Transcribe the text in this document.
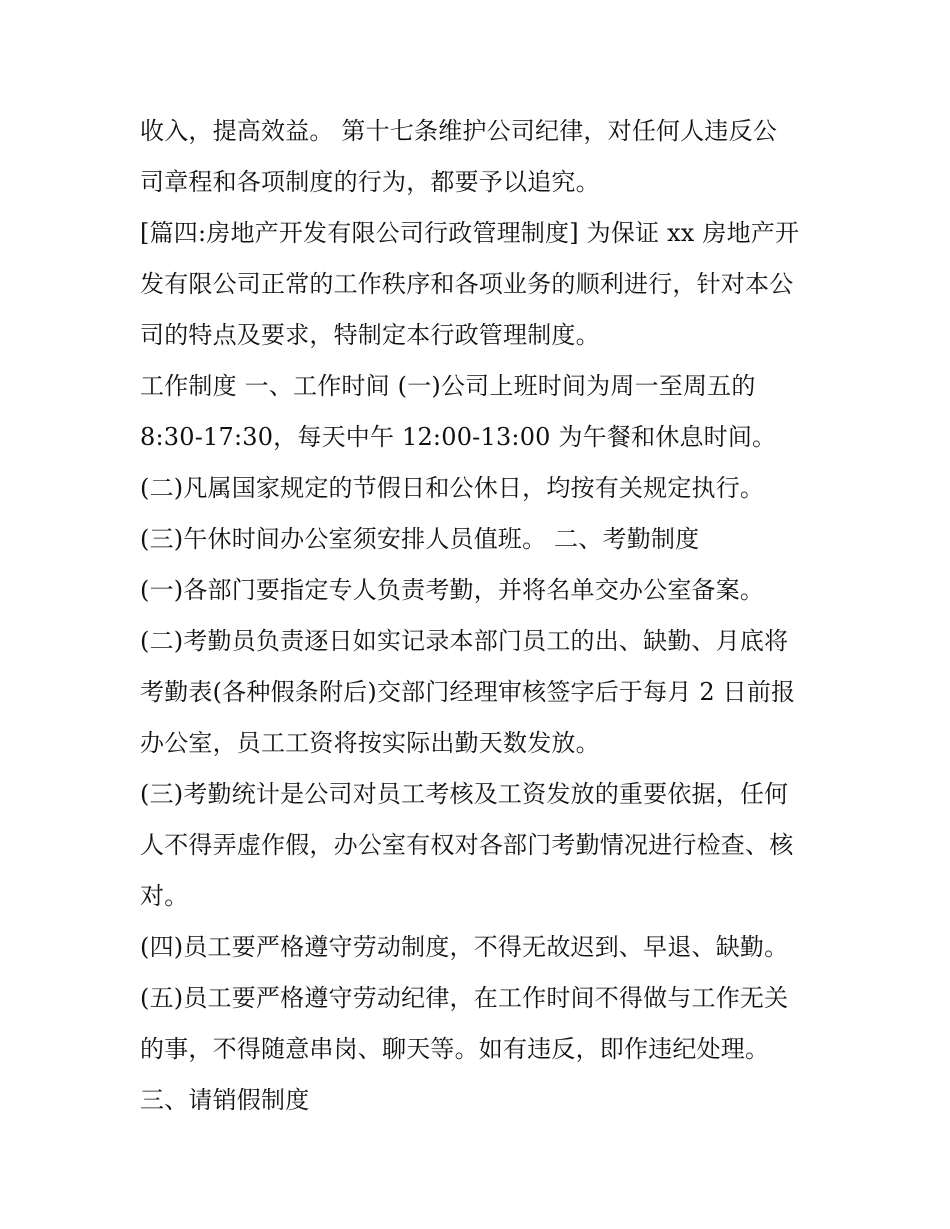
收入，提高效益。 第十七条维护公司纪律，对任何人违反公
司章程和各项制度的行为，都要予以追究。
[篇四:房地产开发有限公司行政管理制度] 为保证 xx 房地产开
发有限公司正常的工作秩序和各项业务的顺利进行，针对本公
司的特点及要求，特制定本行政管理制度。
工作制度 一、工作时间 (一)公司上班时间为周一至周五的
8:30-17:30，每天中午 12:00-13:00 为午餐和休息时间。
(二)凡属国家规定的节假日和公休日，均按有关规定执行。
(三)午休时间办公室须安排人员值班。 二、考勤制度
(一)各部门要指定专人负责考勤，并将名单交办公室备案。
(二)考勤员负责逐日如实记录本部门员工的出、缺勤、月底将
考勤表(各种假条附后)交部门经理审核签字后于每月 2 日前报
办公室，员工工资将按实际出勤天数发放。
(三)考勤统计是公司对员工考核及工资发放的重要依据，任何
人不得弄虚作假，办公室有权对各部门考勤情况进行检查、核
对。
(四)员工要严格遵守劳动制度，不得无故迟到、早退、缺勤。
(五)员工要严格遵守劳动纪律，在工作时间不得做与工作无关
的事，不得随意串岗、聊天等。如有违反，即作违纪处理。
三、请销假制度
